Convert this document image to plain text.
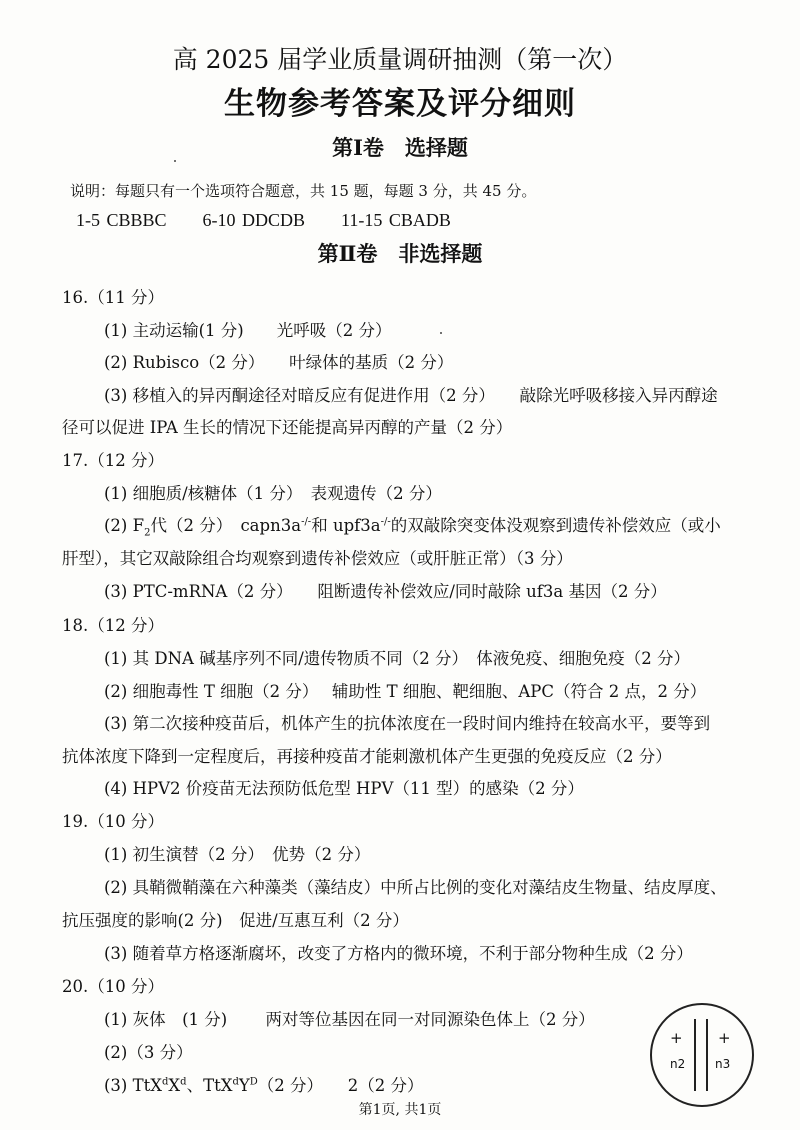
高 2025 届学业质量调研抽测（第一次）
生物参考答案及评分细则
第Ⅰ卷　选择题
说明：每题只有一个选项符合题意，共 15 题，每题 3 分，共 45 分。
1-5 CBBBC　　6-10 DDCDB　　11-15 CBADB
第Ⅱ卷　非选择题
16.（11 分）
(1) 主动运输(1 分)　　光呼吸（2 分）
(2) Rubisco（2 分）　　叶绿体的基质（2 分）
(3) 移植入的异丙酮途径对暗反应有促进作用（2 分）　　敲除光呼吸移接入异丙醇途
径可以促进 IPA 生长的情况下还能提高异丙醇的产量（2 分）
17.（12 分）
(1) 细胞质/核糖体（1 分）　表观遗传（2 分）
(2) $F_2$代（2 分）　capn3a-/-和 upf3a-/-的双敲除突变体没观察到遗传补偿效应（或小
肝型），其它双敲除组合均观察到遗传补偿效应（或肝脏正常）（3 分）
(3) PTC-mRNA（2 分）　　阻断遗传补偿效应/同时敲除 uf3a 基因（2 分）
18.（12 分）
(1) 其 DNA 碱基序列不同/遗传物质不同（2 分）　体液免疫、细胞免疫（2 分）
(2) 细胞毒性 T 细胞（2 分）　 辅助性 T 细胞、靶细胞、APC（符合 2 点，2 分）
(3) 第二次接种疫苗后，机体产生的抗体浓度在一段时间内维持在较高水平，要等到
抗体浓度下降到一定程度后，再接种疫苗才能刺激机体产生更强的免疫反应（2 分）
(4) HPV2 价疫苗无法预防低危型 HPV（11 型）的感染（2 分）
19.（10 分）
(1) 初生演替（2 分）　优势（2 分）
(2) 具鞘微鞘藻在六种藻类（藻结皮）中所占比例的变化对藻结皮生物量、结皮厚度、
抗压强度的影响(2 分)　促进/互惠互利（2 分）
(3) 随着草方格逐渐腐坏，改变了方格内的微环境，不利于部分物种生成（2 分）
20.（10 分）
(1) 灰体　(1 分)　　 两对等位基因在同一对同源染色体上（2 分）
(2)（3 分）
(3) $TtX^dX^d$、$TtX^dY^D(2$ 分）　　2（2 分）
+ +
n2 n3
第1页, 共1页
